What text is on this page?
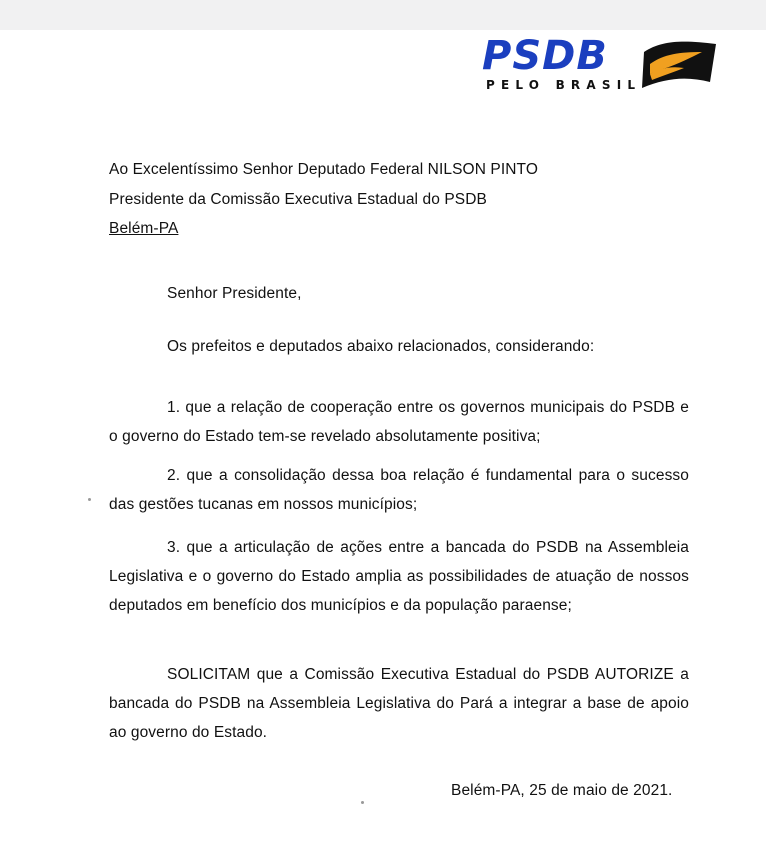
PSDB
PELO BRASIL
Ao Excelentíssimo Senhor Deputado Federal NILSON PINTO
Presidente da Comissão Executiva Estadual do PSDB
Belém-PA
Senhor Presidente,
Os prefeitos e deputados abaixo relacionados, considerando:
1. que a relação de cooperação entre os governos municipais do PSDB e o governo do Estado tem-se revelado absolutamente positiva;
2. que a consolidação dessa boa relação é fundamental para o sucesso das gestões tucanas em nossos municípios;
3. que a articulação de ações entre a bancada do PSDB na Assembleia Legislativa e o governo do Estado amplia as possibilidades de atuação de nossos deputados em benefício dos municípios e da população paraense;
SOLICITAM que a Comissão Executiva Estadual do PSDB AUTORIZE a bancada do PSDB na Assembleia Legislativa do Pará a integrar a base de apoio ao governo do Estado.
Belém-PA, 25 de maio de 2021.
